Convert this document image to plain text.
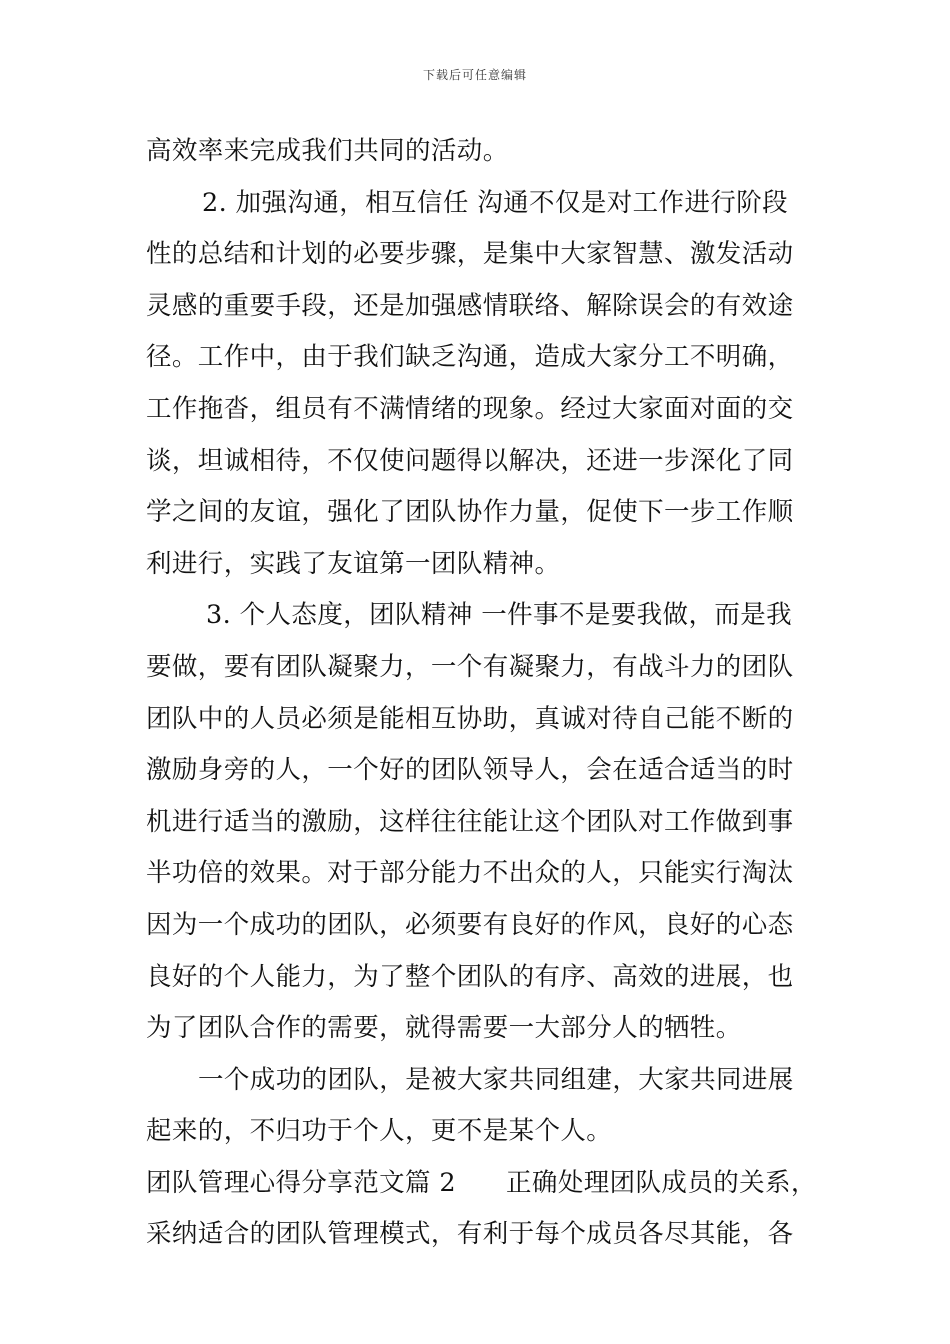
下载后可任意编辑
高效率来完成我们共同的活动。
2. 加强沟通，相互信任 沟通不仅是对工作进行阶段
性的总结和计划的必要步骤，是集中大家智慧、激发活动
灵感的重要手段，还是加强感情联络、解除误会的有效途
径。工作中，由于我们缺乏沟通，造成大家分工不明确，
工作拖沓，组员有不满情绪的现象。经过大家面对面的交
谈，坦诚相待，不仅使问题得以解决，还进一步深化了同
学之间的友谊，强化了团队协作力量，促使下一步工作顺
利进行，实践了友谊第一团队精神。
3. 个人态度，团队精神 一件事不是要我做，而是我
要做，要有团队凝聚力，一个有凝聚力，有战斗力的团队
团队中的人员必须是能相互协助，真诚对待自己能不断的
激励身旁的人，一个好的团队领导人，会在适合适当的时
机进行适当的激励，这样往往能让这个团队对工作做到事
半功倍的效果。对于部分能力不出众的人，只能实行淘汰
因为一个成功的团队，必须要有良好的作风，良好的心态
良好的个人能力，为了整个团队的有序、高效的进展，也
为了团队合作的需要，就得需要一大部分人的牺牲。
一个成功的团队，是被大家共同组建，大家共同进展
起来的，不归功于个人，更不是某个人。
团队管理心得分享范文篇 2 正确处理团队成员的关系，
采纳适合的团队管理模式，有利于每个成员各尽其能，各
